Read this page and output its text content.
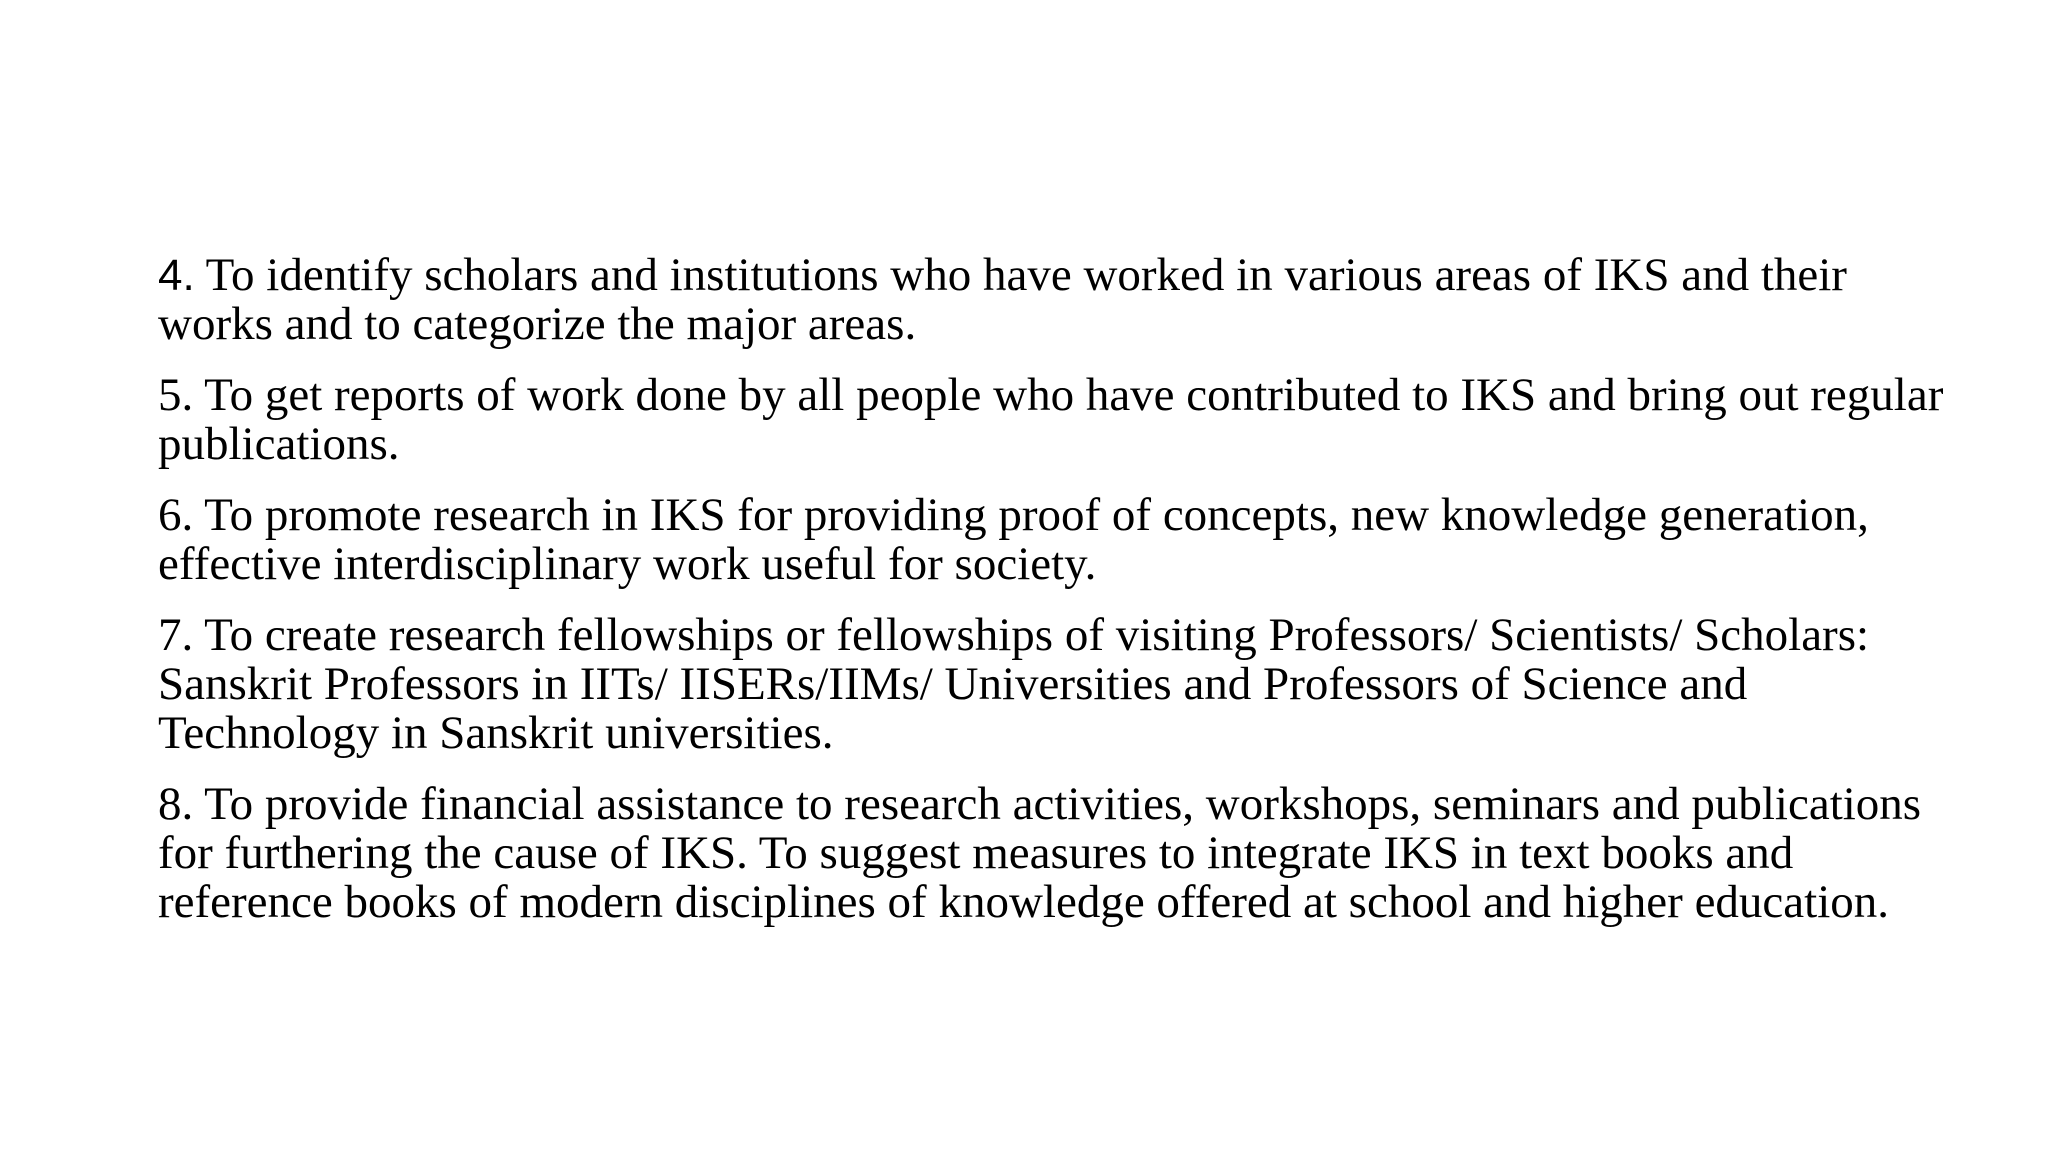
4. To identify scholars and institutions who have worked in various areas of IKS and their works and to categorize the major areas.

5. To get reports of work done by all people who have contributed to IKS and bring out regular publications.

6. To promote research in IKS for providing proof of concepts, new knowledge generation, effective interdisciplinary work useful for society.

7. To create research fellowships or fellowships of visiting Professors/ Scientists/ Scholars: Sanskrit Professors in IITs/ IISERs/IIMs/ Universities and Professors of Science and Technology in Sanskrit universities.

8. To provide financial assistance to research activities, workshops, seminars and publications for furthering the cause of IKS. To suggest measures to integrate IKS in text books and reference books of modern disciplines of knowledge offered at school and higher education.
